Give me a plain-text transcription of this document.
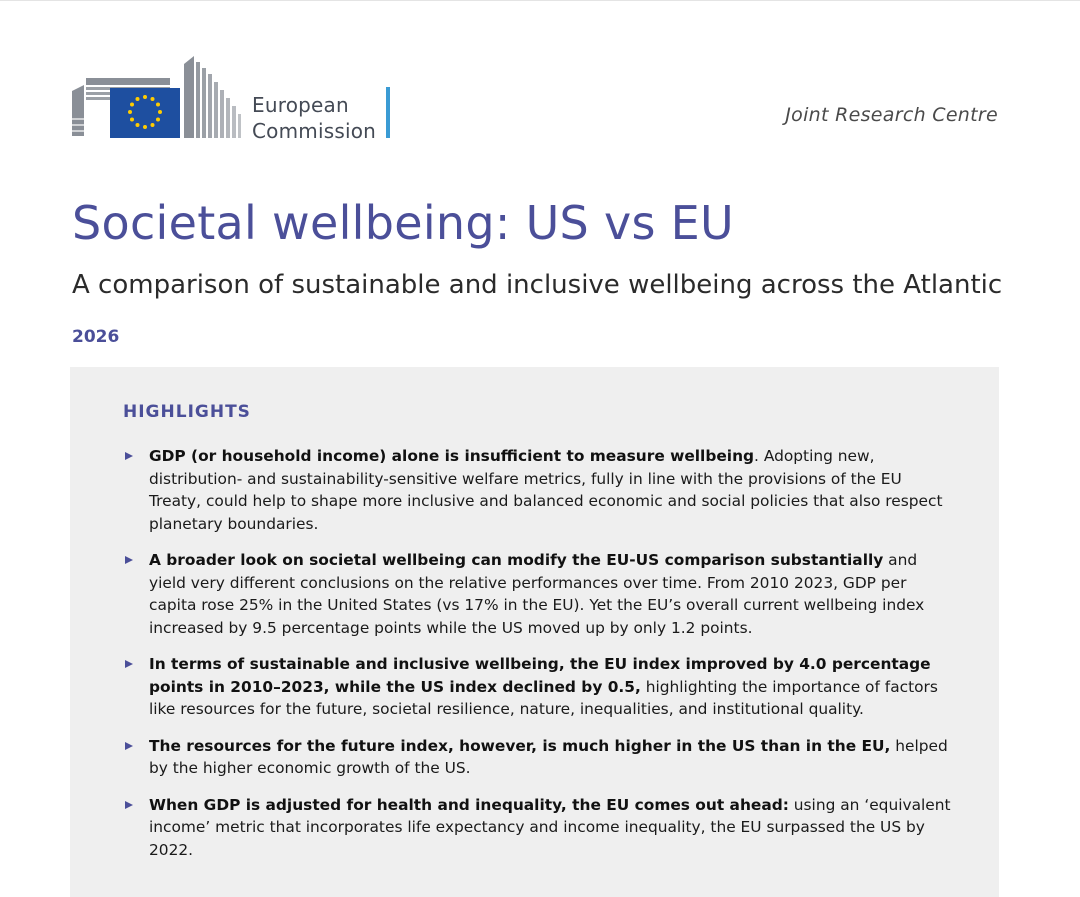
European
Commission
Joint Research Centre
Societal wellbeing: US vs EU
A comparison of sustainable and inclusive wellbeing across the Atlantic
2026
HIGHLIGHTS
GDP (or household income) alone is insufficient to measure wellbeing. Adopting new, distribution- and sustainability-sensitive welfare metrics, fully in line with the provisions of the EU Treaty, could help to shape more inclusive and balanced economic and social policies that also respect planetary boundaries.
A broader look on societal wellbeing can modify the EU-US comparison substantially and yield very different conclusions on the relative performances over time. From 2010 2023, GDP per capita rose 25% in the United States (vs 17% in the EU). Yet the EU’s overall current wellbeing index increased by 9.5 percentage points while the US moved up by only 1.2 points.
In terms of sustainable and inclusive wellbeing, the EU index improved by 4.0 percentage points in 2010–2023, while the US index declined by 0.5, highlighting the importance of factors like resources for the future, societal resilience, nature, inequalities, and institutional quality.
The resources for the future index, however, is much higher in the US than in the EU, helped by the higher economic growth of the US.
When GDP is adjusted for health and inequality, the EU comes out ahead: using an ‘equivalent income’ metric that incorporates life expectancy and income inequality, the EU surpassed the US by 2022.
